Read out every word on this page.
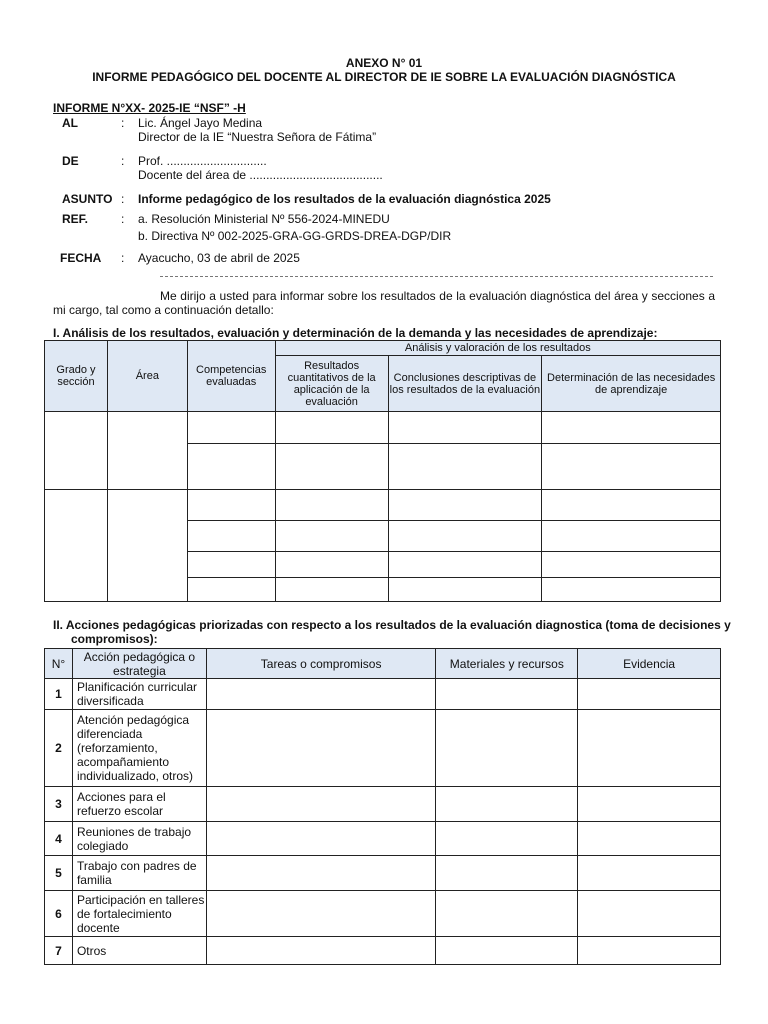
ANEXO N° 01
INFORME PEDAGÓGICO DEL DOCENTE AL DIRECTOR DE IE SOBRE LA EVALUACIÓN DIAGNÓSTICA
INFORME N°XX- 2025-IE “NSF” -H
AL	: Lic. Ángel Jayo Medina
Director de la IE “Nuestra Señora de Fátima”
DE	: Prof. ..............................
Docente del área de ........................................
ASUNTO : Informe pedagógico de los resultados de la evaluación diagnóstica 2025
REF.	: a. Resolución Ministerial Nº 556-2024-MINEDU
b. Directiva Nº 002-2025-GRA-GG-GRDS-DREA-DGP/DIR
FECHA : Ayacucho, 03 de abril de 2025
Me dirijo a usted para informar sobre los resultados de la evaluación diagnóstica del área y secciones a mi cargo, tal como a continuación detallo:
I. Análisis de los resultados, evaluación y determinación de la demanda y las necesidades de aprendizaje:
Grado y sección	Área	Competencias evaluadas	Análisis y valoración de los resultados		
			Resultados cuantitativos de la aplicación de la evaluación	Conclusiones descriptivas de los resultados de la evaluación	Determinación de las necesidades de aprendizaje

II. Acciones pedagógicas priorizadas con respecto a los resultados de la evaluación diagnostica (toma de decisiones y
compromisos):
N°	Acción pedagógica o estrategia	Tareas o compromisos	Materiales y recursos	Evidencia
1	Planificación curricular diversificada			
2	Atención pedagógica diferenciada (reforzamiento, acompañamiento individualizado, otros)			
3	Acciones para el refuerzo escolar			
4	Reuniones de trabajo colegiado			
5	Trabajo con padres de familia			
6	Participación en talleres de fortalecimiento docente			
7	Otros			
